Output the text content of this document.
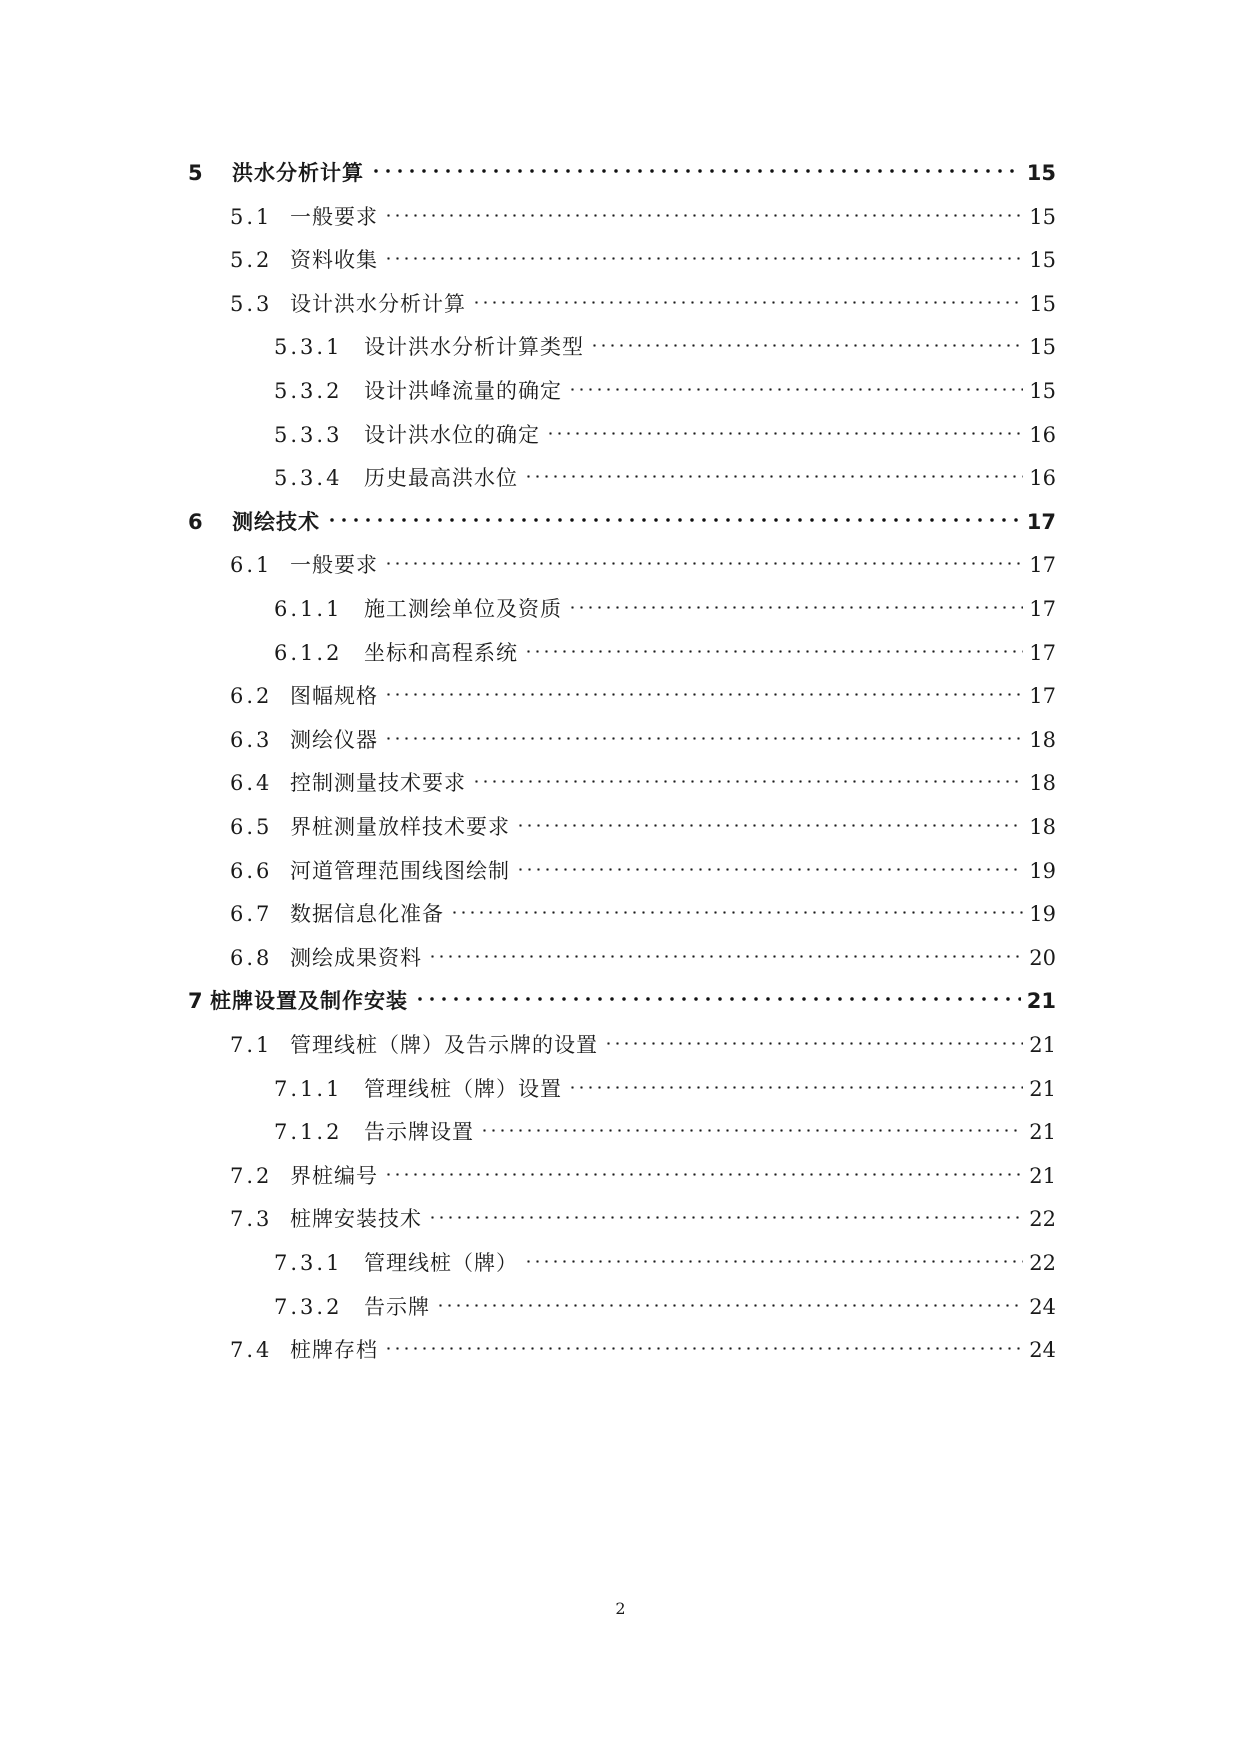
5	洪水分析计算	15
5.1 一般要求	15
5.2 资料收集	15
5.3 设计洪水分析计算	15
5.3.1	设计洪水分析计算类型	15
5.3.2	设计洪峰流量的确定	15
5.3.3	设计洪水位的确定	16
5.3.4	历史最高洪水位	16
6	测绘技术	17
6.1 一般要求	17
6.1.1	施工测绘单位及资质	17
6.1.2	坐标和高程系统	17
6.2 图幅规格	17
6.3 测绘仪器	18
6.4 控制测量技术要求	18
6.5 界桩测量放样技术要求	18
6.6 河道管理范围线图绘制	19
6.7 数据信息化准备	19
6.8 测绘成果资料	20
7 桩牌设置及制作安装	21
7.1 管理线桩（牌）及告示牌的设置	21
7.1.1	管理线桩（牌）设置	21
7.1.2	告示牌设置	21
7.2 界桩编号	21
7.3 桩牌安装技术	22
7.3.1	管理线桩（牌）	22
7.3.2	告示牌	24
7.4 桩牌存档	24
2
